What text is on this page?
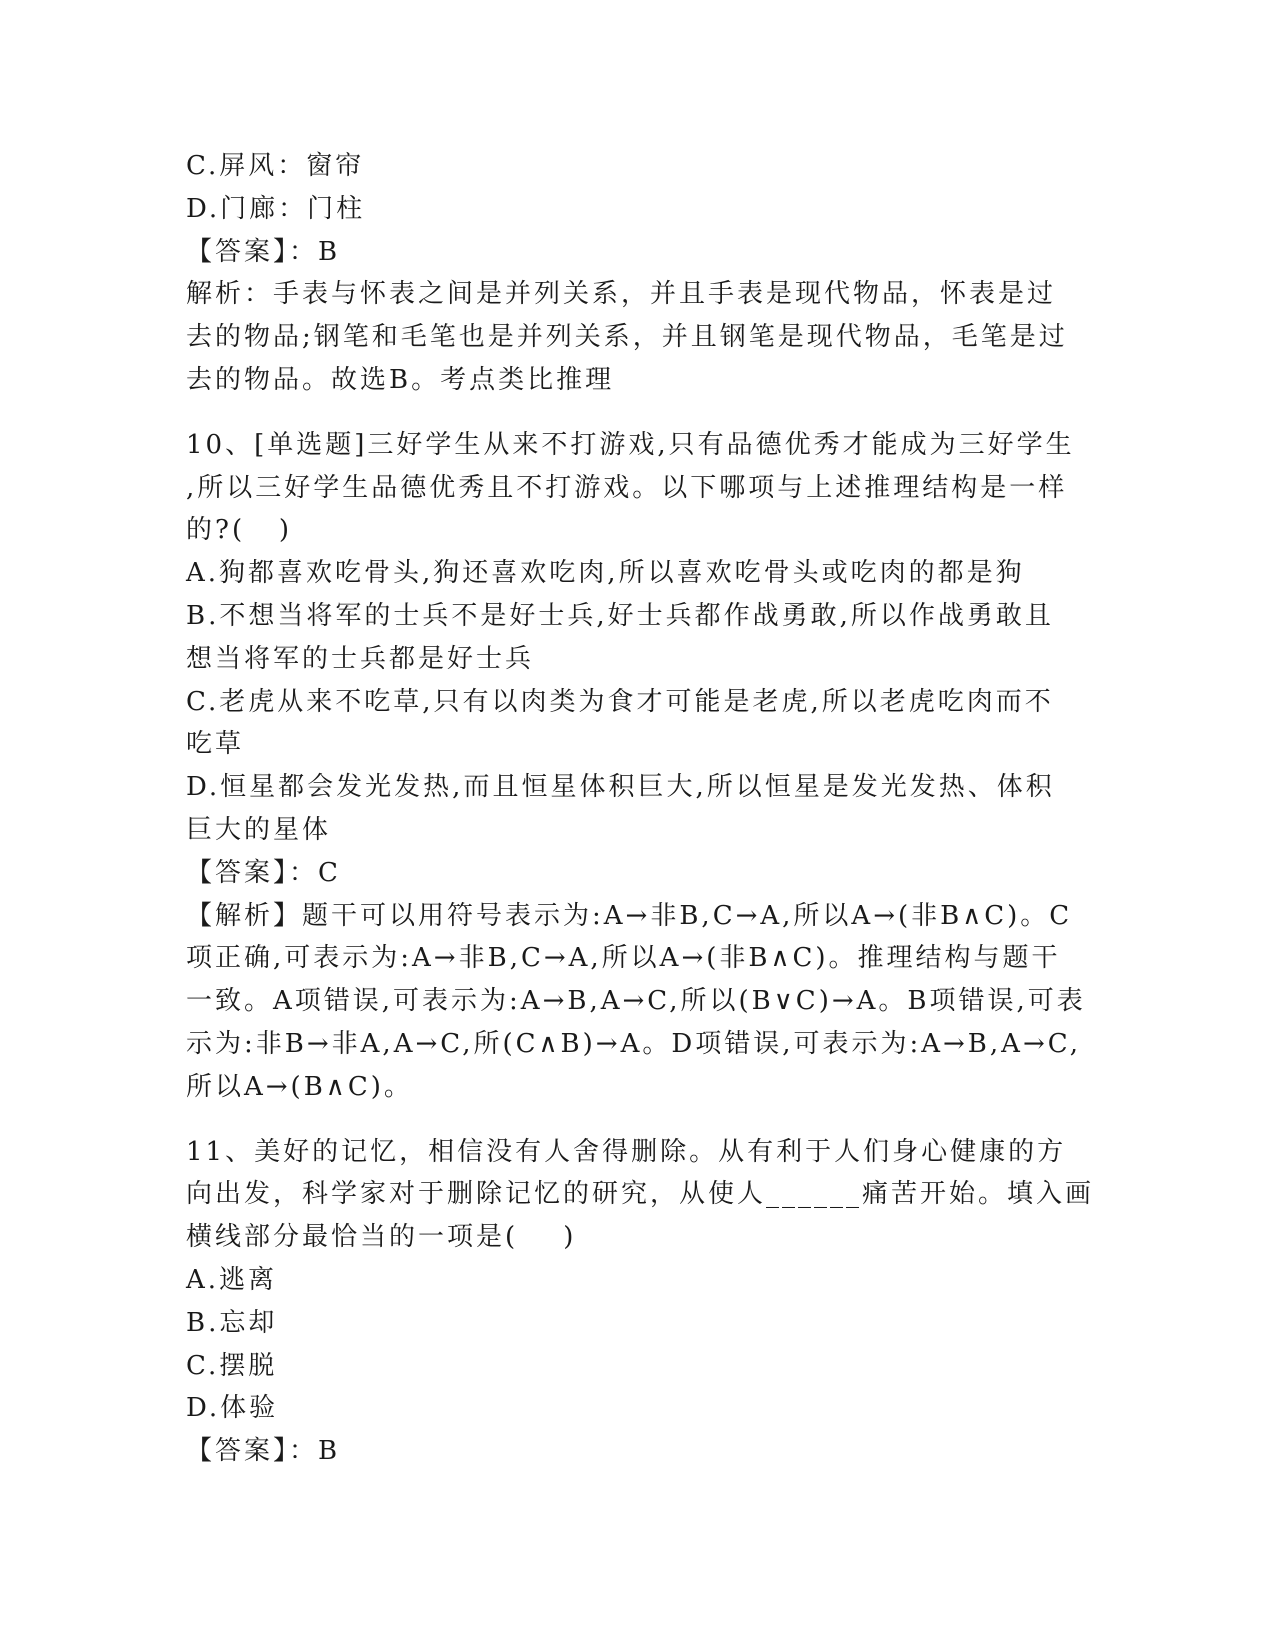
C.屏风：窗帘
D.门廊：门柱
【答案】：B
解析：手表与怀表之间是并列关系，并且手表是现代物品，怀表是过
去的物品;钢笔和毛笔也是并列关系，并且钢笔是现代物品，毛笔是过
去的物品。故选B。考点类比推理
10、[单选题]三好学生从来不打游戏,只有品德优秀才能成为三好学生
,所以三好学生品德优秀且不打游戏。以下哪项与上述推理结构是一样
的?(   )
A.狗都喜欢吃骨头,狗还喜欢吃肉,所以喜欢吃骨头或吃肉的都是狗
B.不想当将军的士兵不是好士兵,好士兵都作战勇敢,所以作战勇敢且
想当将军的士兵都是好士兵
C.老虎从来不吃草,只有以肉类为食才可能是老虎,所以老虎吃肉而不
吃草
D.恒星都会发光发热,而且恒星体积巨大,所以恒星是发光发热、体积
巨大的星体
【答案】：C
【解析】题干可以用符号表示为:A→非B,C→A,所以A→(非B∧C)。C
项正确,可表示为:A→非B,C→A,所以A→(非B∧C)。推理结构与题干
一致。A项错误,可表示为:A→B,A→C,所以(B∨C)→A。B项错误,可表
示为:非B→非A,A→C,所(C∧B)→A。D项错误,可表示为:A→B,A→C,
所以A→(B∧C)。
11、美好的记忆，相信没有人舍得删除。从有利于人们身心健康的方
向出发，科学家对于删除记忆的研究，从使人______痛苦开始。填入画
横线部分最恰当的一项是(    )
A.逃离
B.忘却
C.摆脱
D.体验
【答案】：B
